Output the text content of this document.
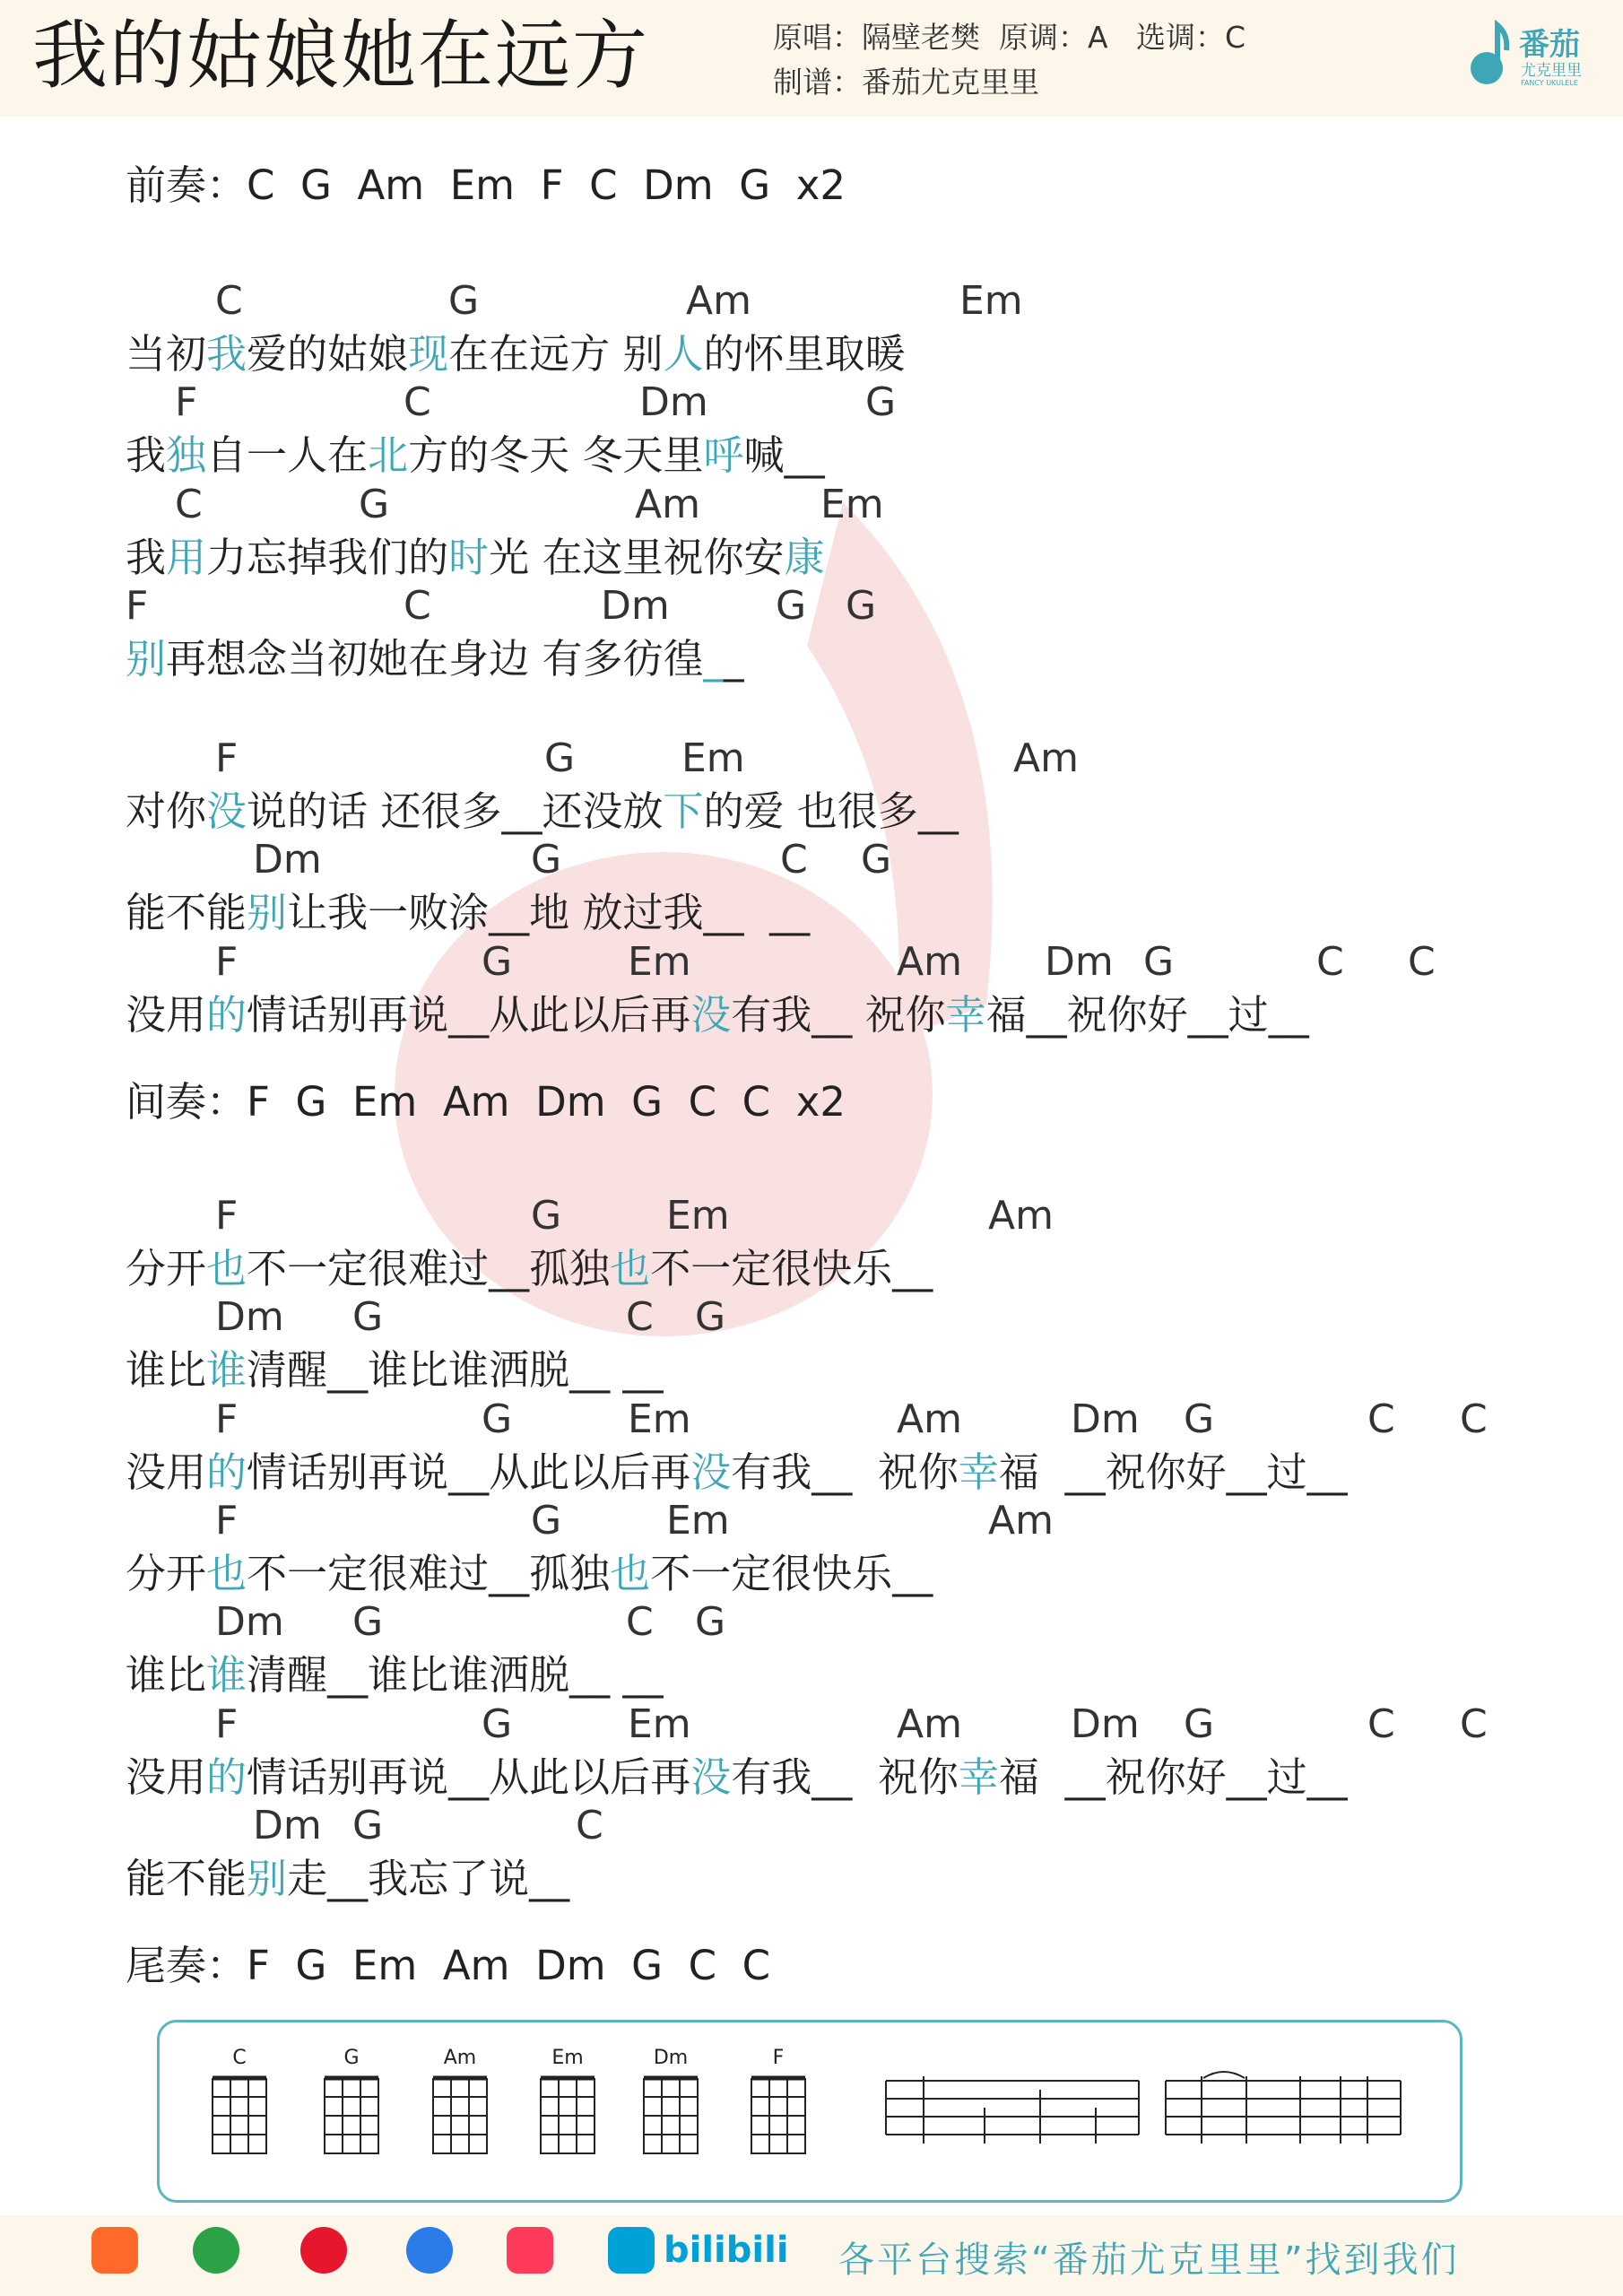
我的姑娘她在远方	原唱：隔壁老樊  原调：A   选调：C
制谱：番茄尤克里里
番茄
尤克里里
FANCY UKULELE
前奏：C  G  Am  Em  F  C  Dm  G  x2
C	G	Am	Em
当初我爱的姑娘现在在远方 别人的怀里取暖
F	C	Dm	G
我独自一人在北方的冬天 冬天里呼喊__
C	G	Am	Em
我用力忘掉我们的时光 在这里祝你安康
F	C	Dm	G G
别再想念当初她在身边 有多彷徨__
F	G	Em	Am
对你没说的话 还很多__还没放下的爱 也很多__
Dm	G	C G
能不能别让我一败涂__地 放过我__ __
F	G	Em	Am Dm G	C C
没用的情话别再说__从此以后再没有我__ 祝你幸福__祝你好__过__
F	G	Em	Am
分开也不一定很难过__孤独也不一定很快乐__
Dm G	C G
谁比谁清醒__谁比谁洒脱__ __
F	G	Em	Am	Dm G	C C
没用的情话别再说__从此以后再没有我__ 祝你幸福 __祝你好__过__
F	G	Em	Am
分开也不一定很难过__孤独也不一定很快乐__
Dm G	C G
谁比谁清醒__谁比谁洒脱__ __
F	G	Em	Am	Dm G	C C
没用的情话别再说__从此以后再没有我__ 祝你幸福 __祝你好__过__
Dm G	C
能不能别走__我忘了说__
间奏：F  G  Em  Am  Dm  G  C  C  x2
尾奏：F  G  Em  Am  Dm  G  C  C
C	G	Am	Em	Dm	F
bilibili 各平台搜索“番茄尤克里里”找到我们
